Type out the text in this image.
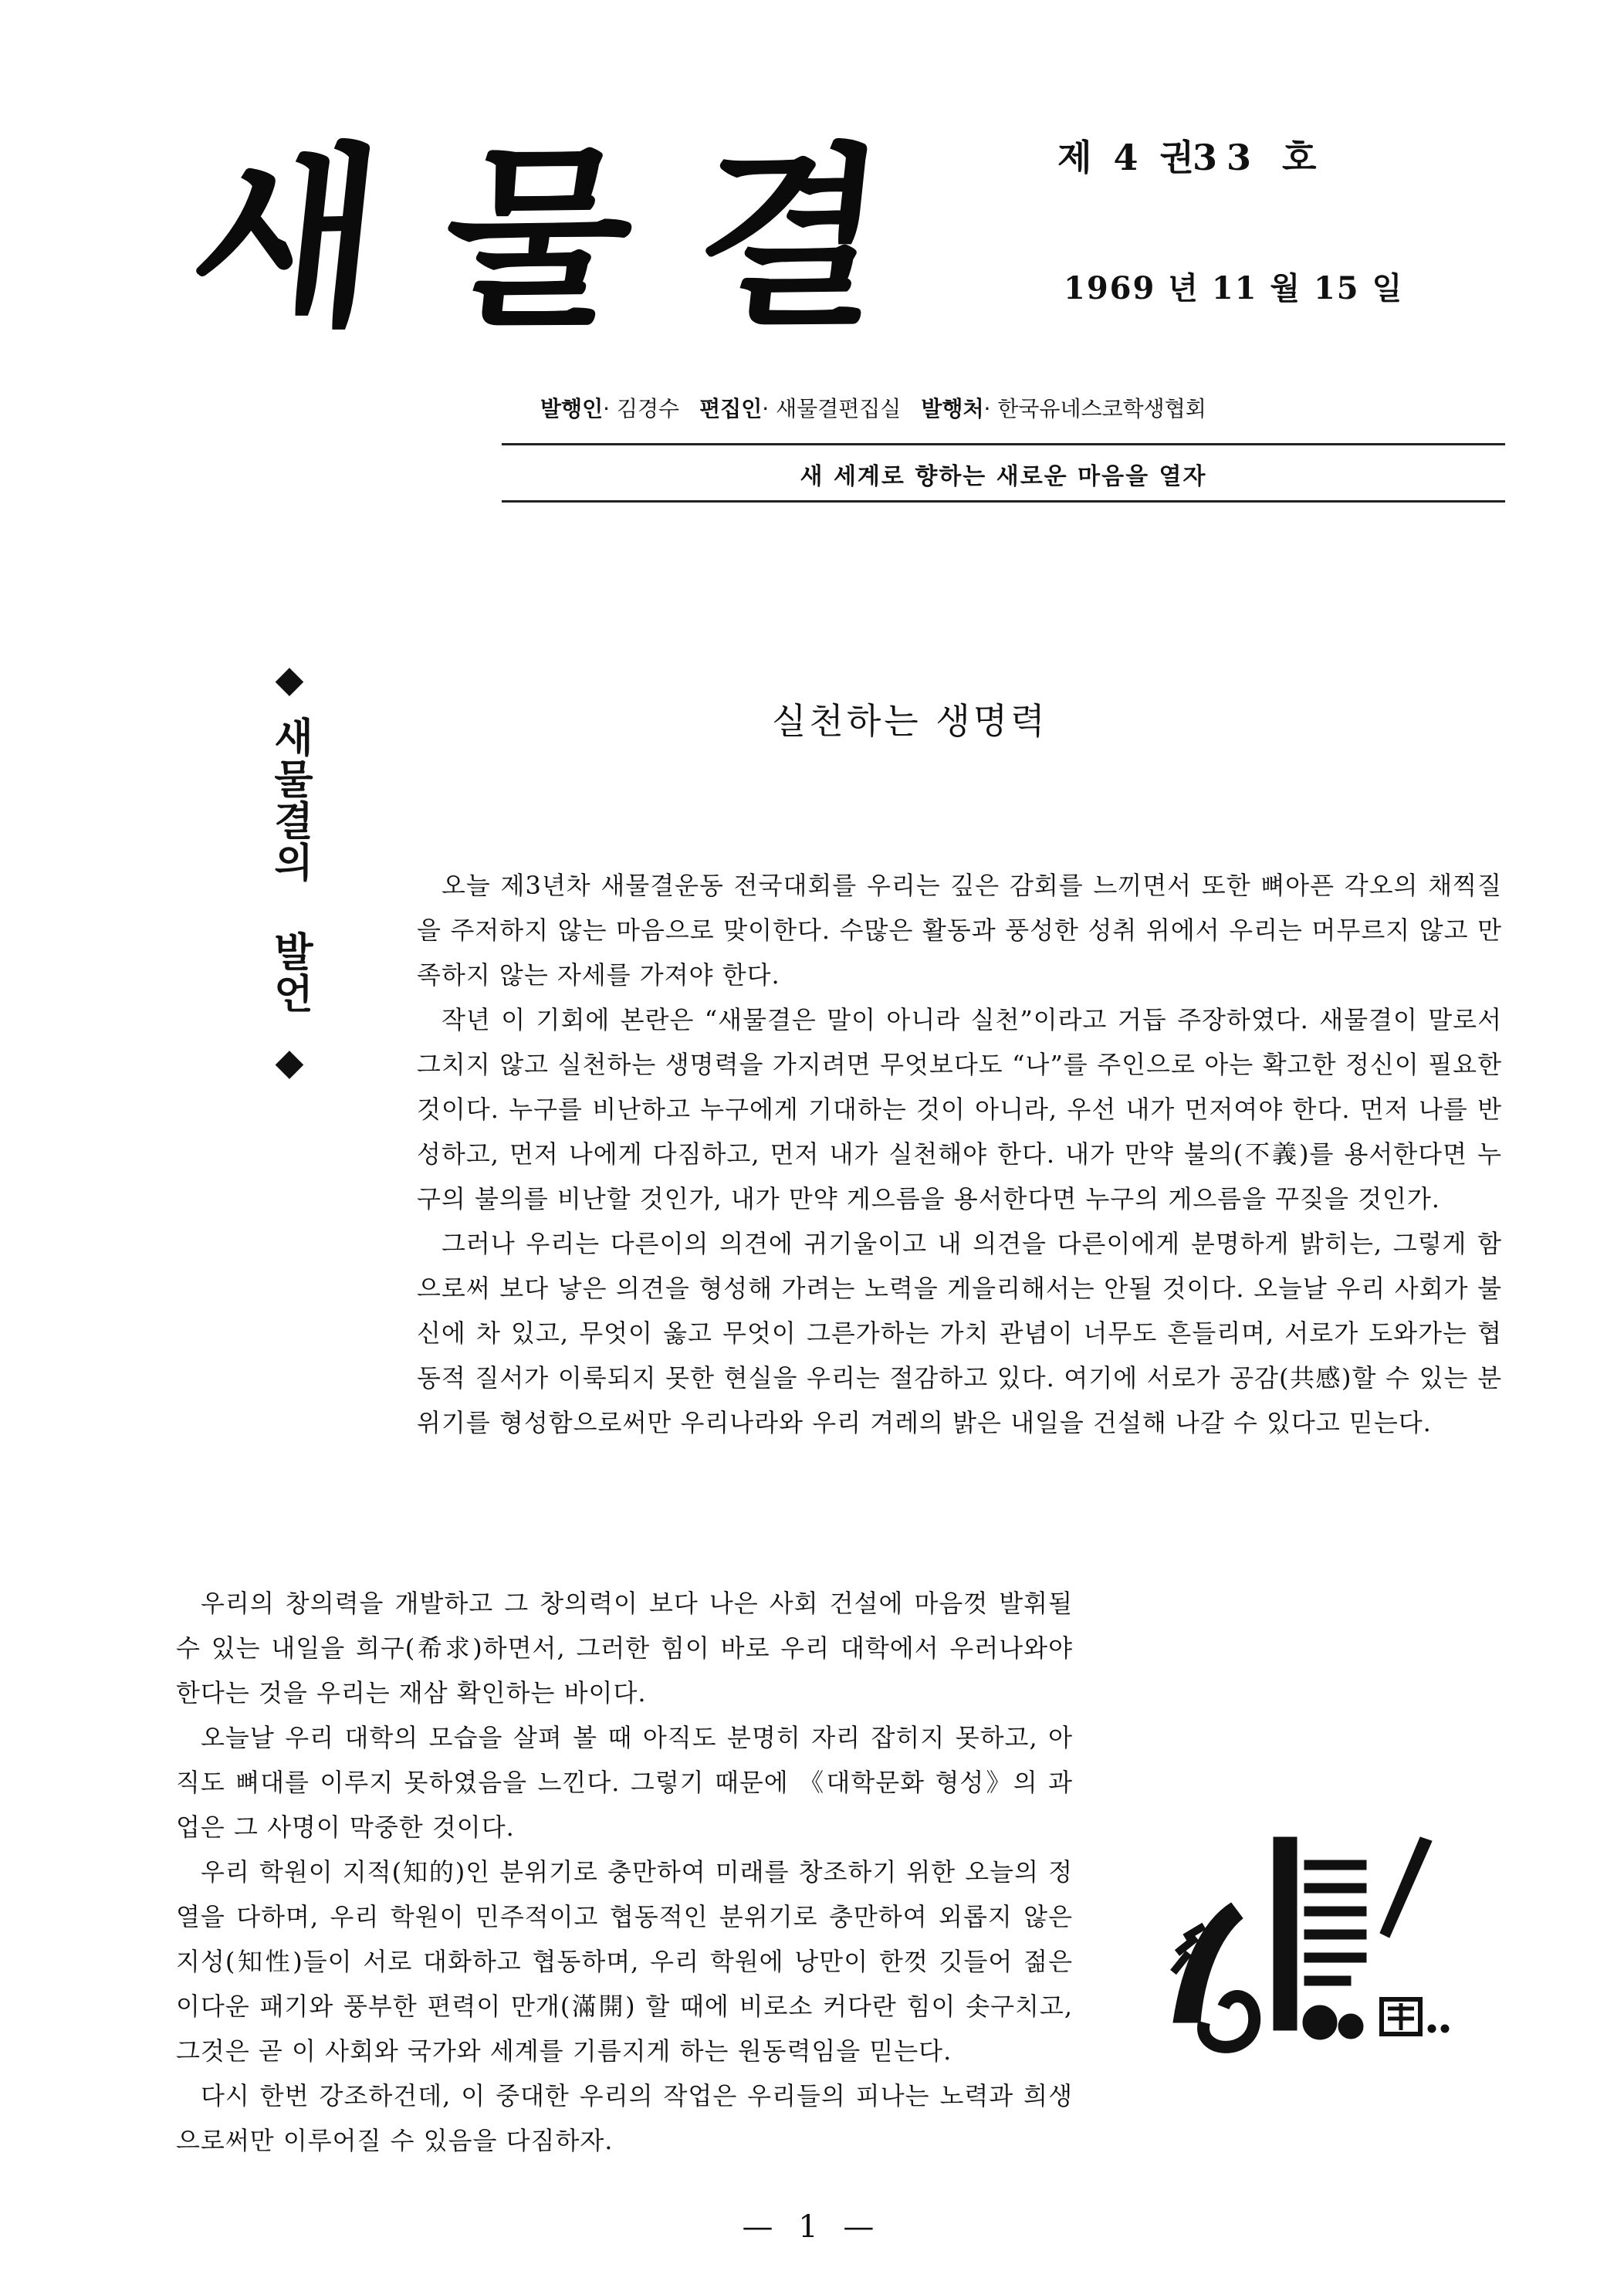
새물결	제 4 권
33 호
1969 년 11 월 15 일
발행인· 김경수 편집인· 새물결편집실 발행처· 한국유네스코학생협회
새 세계로 향하는 새로운 마음을 열자
◆
새물결의 발언
◆
실천하는 생명력

오늘 제3년차 새물결운동 전국대회를 우리는 깊은 감회를 느끼면서 또한 뼈아픈 각오의 채찍질을 주저하지 않는 마음으로 맞이한다. 수많은 활동과 풍성한 성취 위에서 우리는 머무르지 않고 만족하지 않는 자세를 가져야 한다.

작년 이 기회에 본란은 “새물결은 말이 아니라 실천”이라고 거듭 주장하였다. 새물결이 말로서 그치지 않고 실천하는 생명력을 가지려면 무엇보다도 “나”를 주인으로 아는 확고한 정신이 필요한 것이다. 누구를 비난하고 누구에게 기대하는 것이 아니라, 우선 내가 먼저여야 한다. 먼저 나를 반성하고, 먼저 나에게 다짐하고, 먼저 내가 실천해야 한다. 내가 만약 불의(不義)를 용서한다면 누구의 불의를 비난할 것인가, 내가 만약 게으름을 용서한다면 누구의 게으름을 꾸짖을 것인가.

그러나 우리는 다른이의 의견에 귀기울이고 내 의견을 다른이에게 분명하게 밝히는, 그렇게 함으로써 보다 낳은 의견을 형성해 가려는 노력을 게을리해서는 안될 것이다. 오늘날 우리 사회가 불신에 차 있고, 무엇이 옳고 무엇이 그른가하는 가치 관념이 너무도 흔들리며, 서로가 도와가는 협동적 질서가 이룩되지 못한 현실을 우리는 절감하고 있다. 여기에 서로가 공감(共感)할 수 있는 분위기를 형성함으로써만 우리나라와 우리 겨레의 밝은 내일을 건설해 나갈 수 있다고 믿는다.

우리의 창의력을 개발하고 그 창의력이 보다 나은 사회 건설에 마음껏 발휘될 수 있는 내일을 희구(希求)하면서, 그러한 힘이 바로 우리 대학에서 우러나와야 한다는 것을 우리는 재삼 확인하는 바이다.

오늘날 우리 대학의 모습을 살펴 볼 때 아직도 분명히 자리 잡히지 못하고, 아직도 뼈대를 이루지 못하였음을 느낀다. 그렇기 때문에 《대학문화 형성》의 과업은 그 사명이 막중한 것이다.

우리 학원이 지적(知的)인 분위기로 충만하여 미래를 창조하기 위한 오늘의 정열을 다하며, 우리 학원이 민주적이고 협동적인 분위기로 충만하여 외롭지 않은 지성(知性)들이 서로 대화하고 협동하며, 우리 학원에 낭만이 한껏 깃들어 젊은이다운 패기와 풍부한 편력이 만개(滿開) 할 때에 비로소 커다란 힘이 솟구치고, 그것은 곧 이 사회와 국가와 세계를 기름지게 하는 원동력임을 믿는다.

다시 한번 강조하건데, 이 중대한 우리의 작업은 우리들의 피나는 노력과 희생으로써만 이루어질 수 있음을 다짐하자.

— 1 —
